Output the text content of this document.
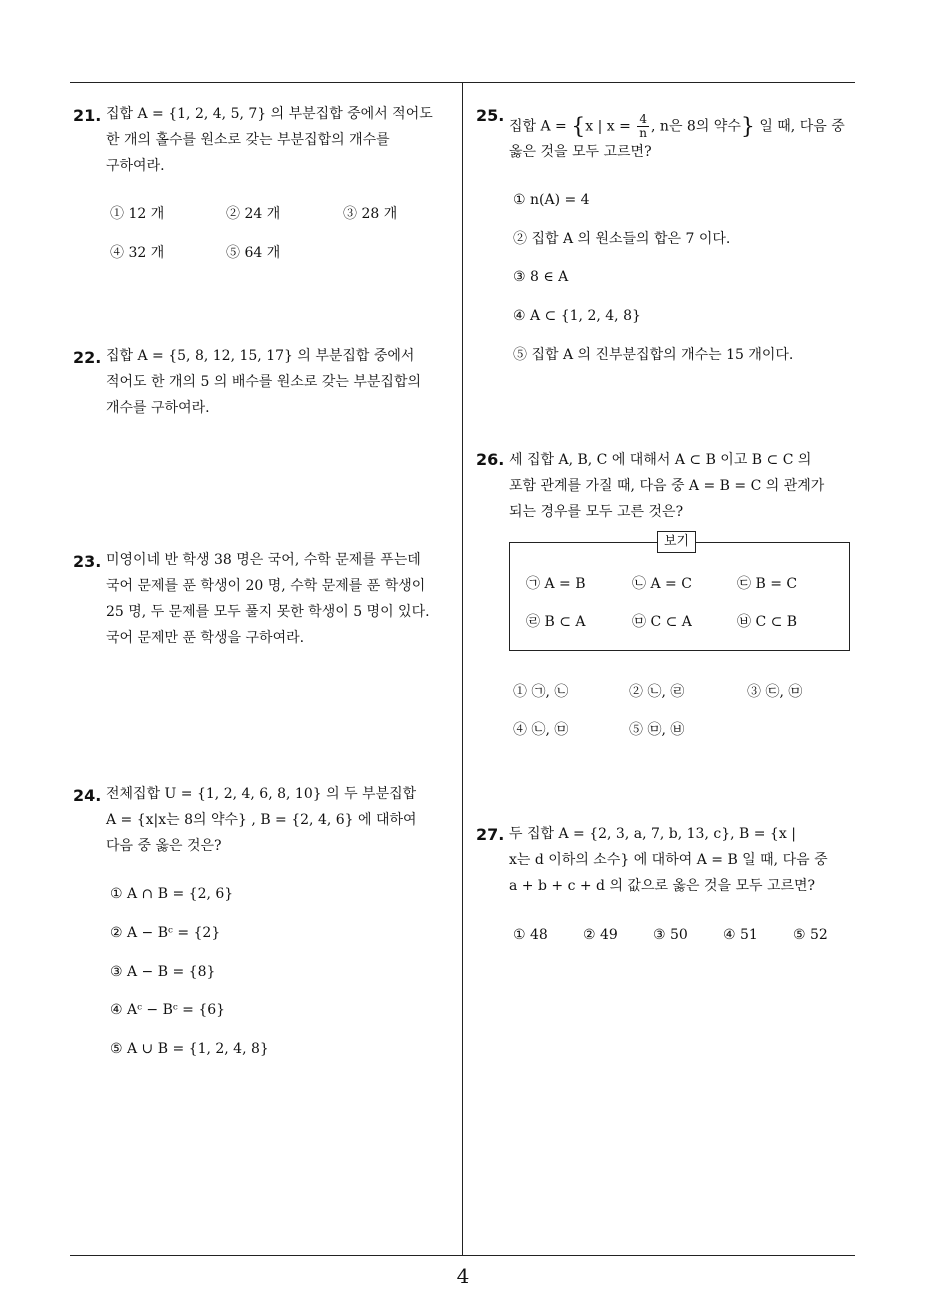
4
21. 집합 A = {1, 2, 4, 5, 7} 의 부분집합 중에서 적어도
한 개의 홀수를 원소로 갖는 부분집합의 개수를
구하여라.
① 12 개	② 24 개	③ 28 개
④ 32 개	⑤ 64 개
22. 집합 A = {5, 8, 12, 15, 17} 의 부분집합 중에서
적어도 한 개의 5 의 배수를 원소로 갖는 부분집합의
개수를 구하여라.
23. 미영이네 반 학생 38 명은 국어, 수학 문제를 푸는데
국어 문제를 푼 학생이 20 명, 수학 문제를 푼 학생이
25 명, 두 문제를 모두 풀지 못한 학생이 5 명이 있다.
국어 문제만 푼 학생을 구하여라.
24. 전체집합 U = {1, 2, 4, 6, 8, 10} 의 두 부분집합
A = {x|x는 8의 약수} , B = {2, 4, 6} 에 대하여
다음 중 옳은 것은?
① A ∩ B = {2, 6}
② A − Bᶜ = {2}
③ A − B = {8}
④ Aᶜ − Bᶜ = {6}
⑤ A ∪ B = {1, 2, 4, 8}
25.
집합 A = {x | $x = \frac{4}{n}$ , n은 8의 약수} 일 때, 다음 중
옳은 것을 모두 고르면?
① n(A) = 4
② 집합 A 의 원소들의 합은 7 이다.
③ 8 ∈ A
④ A ⊂ {1, 2, 4, 8}
⑤ 집합 A 의 진부분집합의 개수는 15 개이다.
26. 세 집합 A, B, C 에 대해서 A ⊂ B 이고 B ⊂ C 의
포함 관계를 가질 때, 다음 중 A = B = C 의 관계가
되는 경우를 모두 고른 것은?
㉠ A = B	㉡ A = C	㉢ B = C
㉣ B ⊂ A	㉤ C ⊂ A	㉥ C ⊂ B
보기
① ㉠, ㉡	② ㉡, ㉣	③ ㉢, ㉤
④ ㉡, ㉤	⑤ ㉤, ㉥
27. 두 집합 A = {2, 3, a, 7, b, 13, c}, B = {x |
x는 d 이하의 소수} 에 대하여 A = B 일 때, 다음 중
a + b + c + d 의 값으로 옳은 것을 모두 고르면?
① 48	② 49	③ 50	④ 51	⑤ 52
